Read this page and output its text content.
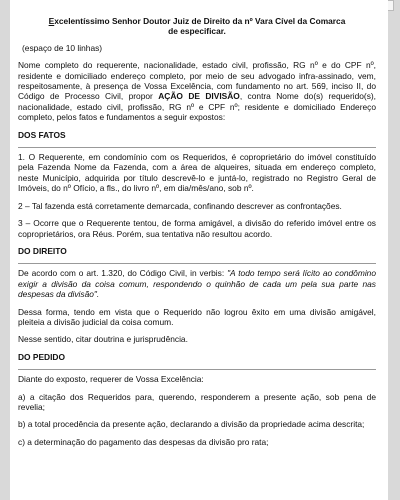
Excelentíssimo Senhor Doutor Juiz de Direito da nº Vara Cível da Comarca

de especificar.

(espaço de 10 linhas)

Nome completo do requerente, nacionalidade, estado civil, profissão, RG nº e do CPF nº, residente e domiciliado endereço completo, por meio de seu advogado infra-assinado, vem, respeitosamente, à presença de Vossa Excelência, com fundamento no art. 569, inciso II, do Código de Processo Civil, propor AÇÃO DE DIVISÃO, contra Nome do(s) requerido(s), nacionalidade, estado civil, profissão, RG nº e CPF nº; residente e domiciliado Endereço completo, pelos fatos e fundamentos a seguir expostos:

DOS FATOS

1. O Requerente, em condomínio com os Requeridos, é coproprietário do imóvel constituído pela Fazenda Nome da Fazenda, com a área de alqueires, situada em endereço completo, neste Município, adquirida por título descrevê-lo e juntá-lo, registrado no Registro Geral de Imóveis, do nº Ofício, a fls., do livro nº, em dia/mês/ano, sob nº.

2 – Tal fazenda está corretamente demarcada, confinando descrever as confrontações.

3 – Ocorre que o Requerente tentou, de forma amigável, a divisão do referido imóvel entre os coproprietários, ora Réus. Porém, sua tentativa não resultou acordo.

DO DIREITO

De acordo com o art. 1.320, do Código Civil, in verbis: "A todo tempo será lícito ao condômino exigir a divisão da coisa comum, respondendo o quinhão de cada um pela sua parte nas despesas da divisão".

Dessa forma, tendo em vista que o Requerido não logrou êxito em uma divisão amigável, pleiteia a divisão judicial da coisa comum.

Nesse sentido, citar doutrina e jurisprudência.

DO PEDIDO

Diante do exposto, requerer de Vossa Excelência:

a) a citação dos Requeridos para, querendo, responderem a presente ação, sob pena de revelia;

b) a total procedência da presente ação, declarando a divisão da propriedade acima descrita;

c) a determinação do pagamento das despesas da divisão pro rata;
